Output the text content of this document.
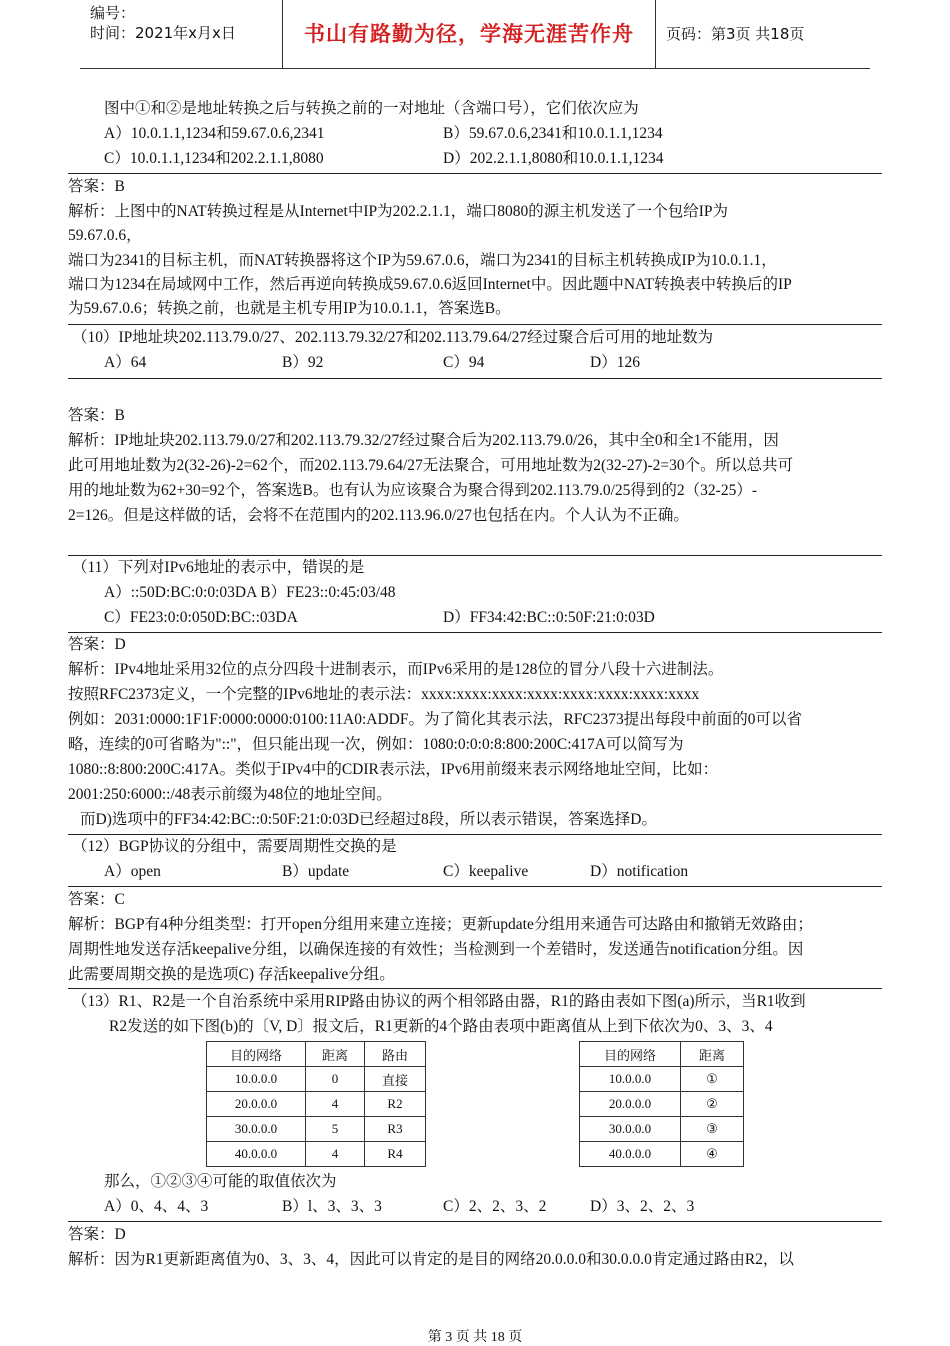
编号：
时间：2021年x月x日	书山有路勤为径，学海无涯苦作舟	页码：第3页 共18页
图中①和②是地址转换之后与转换之前的一对地址（含端口号），它们依次应为
A）10.0.1.1,1234和59.67.0.6,2341	B）59.67.0.6,2341和10.0.1.1,1234
C）10.0.1.1,1234和202.2.1.1,8080	D）202.2.1.1,8080和10.0.1.1,1234
答案：B
解析：上图中的NAT转换过程是从Internet中IP为202.2.1.1，端口8080的源主机发送了一个包给IP为
59.67.0.6，
端口为2341的目标主机，而NAT转换器将这个IP为59.67.0.6，端口为2341的目标主机转换成IP为10.0.1.1，
端口为1234在局域网中工作，然后再逆向转换成59.67.0.6返回Internet中。因此题中NAT转换表中转换后的IP
为59.67.0.6；转换之前，也就是主机专用IP为10.0.1.1，答案选B。
（10）IP地址块202.113.79.0/27、202.113.79.32/27和202.113.79.64/27经过聚合后可用的地址数为
A）64	B）92	C）94	D）126
答案：B
解析：IP地址块202.113.79.0/27和202.113.79.32/27经过聚合后为202.113.79.0/26，其中全0和全1不能用，因
此可用地址数为2(32-26)-2=62个，而202.113.79.64/27无法聚合，可用地址数为2(32-27)-2=30个。所以总共可
用的地址数为62+30=92个，答案选B。也有认为应该聚合为聚合得到202.113.79.0/25得到的2（32-25）-
2=126。但是这样做的话，会将不在范围内的202.113.96.0/27也包括在内。个人认为不正确。
（11）下列对IPv6地址的表示中，错误的是
A）::50D:BC:0:0:03DA B）FE23::0:45:03/48
C）FE23:0:0:050D:BC::03DA	D）FF34:42:BC::0:50F:21:0:03D
答案：D
解析：IPv4地址采用32位的点分四段十进制表示，而IPv6采用的是128位的冒分八段十六进制法。
按照RFC2373定义，一个完整的IPv6地址的表示法：xxxx:xxxx:xxxx:xxxx:xxxx:xxxx:xxxx:xxxx
例如：2031:0000:1F1F:0000:0000:0100:11A0:ADDF。为了简化其表示法，RFC2373提出每段中前面的0可以省
略，连续的0可省略为"::"，但只能出现一次，例如：1080:0:0:0:8:800:200C:417A可以简写为
1080::8:800:200C:417A。类似于IPv4中的CDIR表示法，IPv6用前缀来表示网络地址空间，比如：
2001:250:6000::/48表示前缀为48位的地址空间。
而D)选项中的FF34:42:BC::0:50F:21:0:03D已经超过8段，所以表示错误，答案选择D。
（12）BGP协议的分组中，需要周期性交换的是
A）open	B）update	C）keepalive	D）notification
答案：C
解析：BGP有4种分组类型：打开open分组用来建立连接；更新update分组用来通告可达路由和撤销无效路由；
周期性地发送存活keepalive分组，以确保连接的有效性；当检测到一个差错时，发送通告notification分组。因
此需要周期交换的是选项C) 存活keepalive分组。
（13）R1、R2是一个自治系统中采用RIP路由协议的两个相邻路由器，R1的路由表如下图(a)所示，当R1收到
R2发送的如下图(b)的〔V, D〕报文后，R1更新的4个路由表项中距离值从上到下依次为0、3、3、4
目的网络	距离	路由
10.0.0.0	0	直接
20.0.0.0	4	R2
30.0.0.0	5	R3
40.0.0.0	4	R4
目的网络	距离
10.0.0.0	①
20.0.0.0	②
30.0.0.0	③
40.0.0.0	④
那么，①②③④可能的取值依次为
A）0、4、4、3	B）l、3、3、3	C）2、2、3、2	D）3、2、2、3
答案：D
解析：因为R1更新距离值为0、3、3、4，因此可以肯定的是目的网络20.0.0.0和30.0.0.0肯定通过路由R2，以
第 3 页 共 18 页
